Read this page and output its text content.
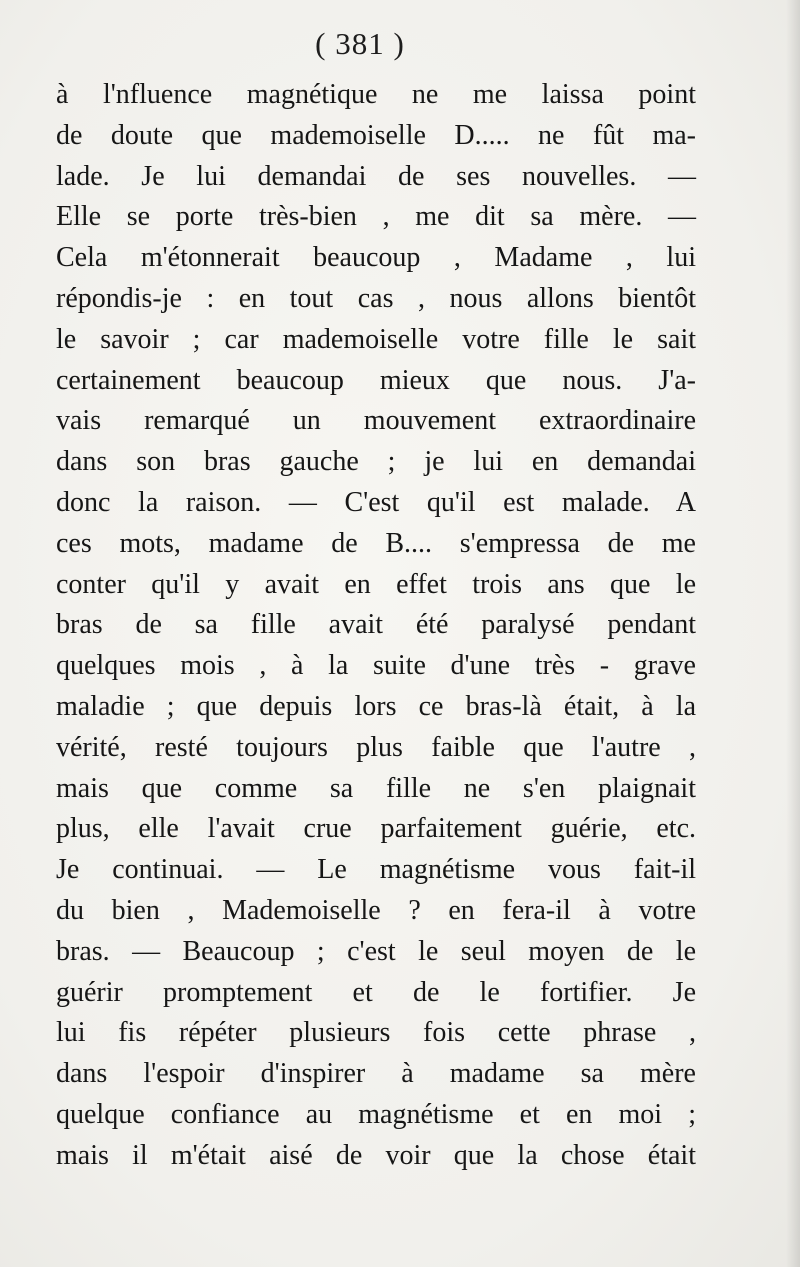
( 381 )
à l'nfluence magnétique ne me laissa point
de doute que mademoiselle D..... ne fût ma-
lade. Je lui demandai de ses nouvelles. —
Elle se porte très-bien , me dit sa mère. —
Cela m'étonnerait beaucoup , Madame , lui
répondis-je : en tout cas , nous allons bientôt
le savoir ; car mademoiselle votre fille le sait
certainement beaucoup mieux que nous. J'a-
vais remarqué un mouvement extraordinaire
dans son bras gauche ; je lui en demandai
donc la raison. — C'est qu'il est malade. A
ces mots, madame de B.... s'empressa de me
conter qu'il y avait en effet trois ans que le
bras de sa fille avait été paralysé pendant
quelques mois , à la suite d'une très - grave
maladie ; que depuis lors ce bras-là était, à la
vérité, resté toujours plus faible que l'autre ,
mais que comme sa fille ne s'en plaignait
plus, elle l'avait crue parfaitement guérie, etc.
Je continuai. — Le magnétisme vous fait-il
du bien , Mademoiselle ? en fera-il à votre
bras. — Beaucoup ; c'est le seul moyen de le
guérir promptement et de le fortifier. Je
lui fis répéter plusieurs fois cette phrase ,
dans l'espoir d'inspirer à madame sa mère
quelque confiance au magnétisme et en moi ;
mais il m'était aisé de voir que la chose était
